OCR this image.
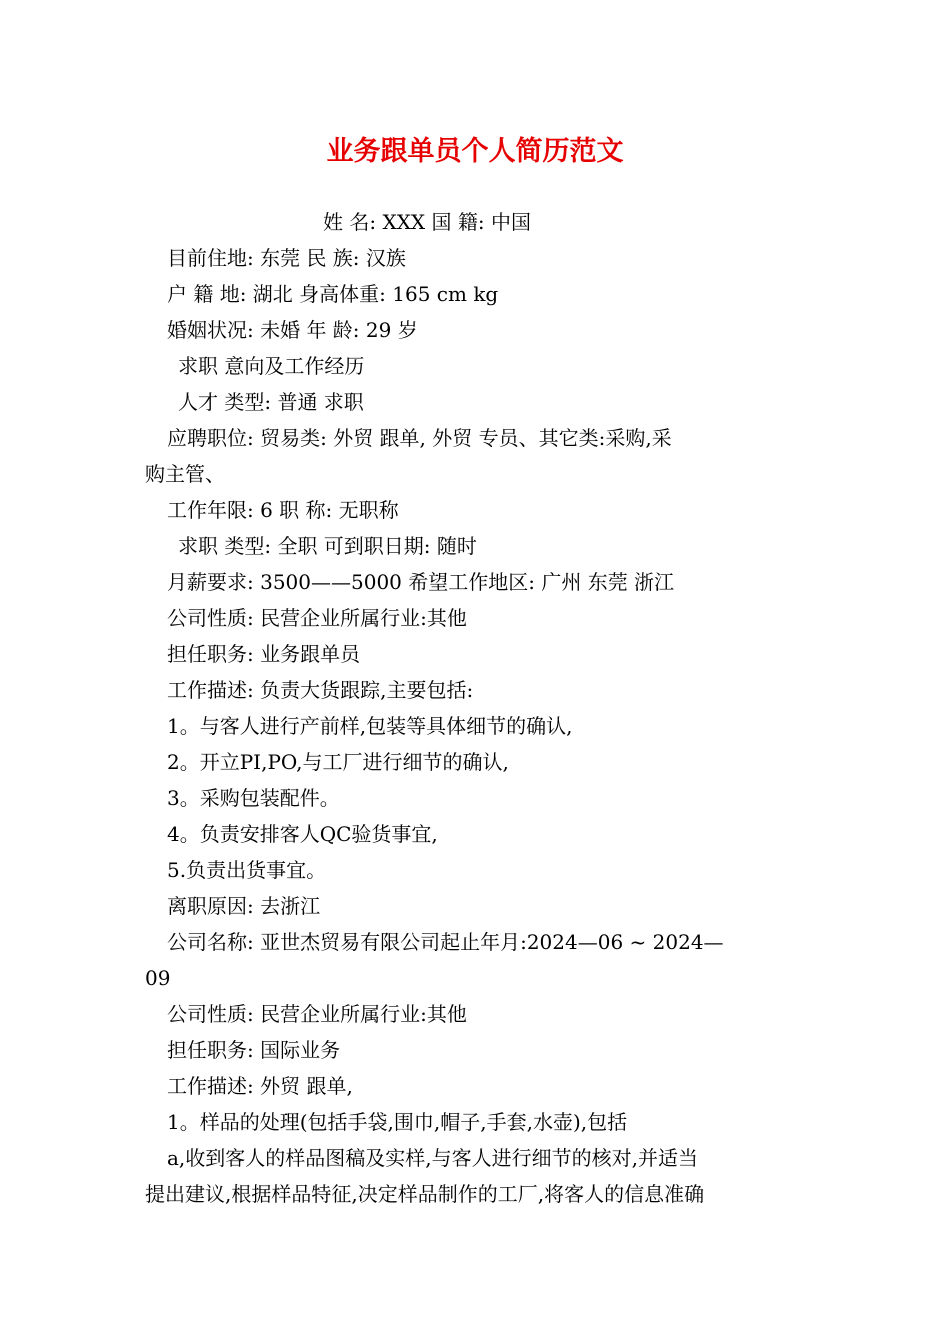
业务跟单员个人简历范文
姓 名: XXX 国 籍: 中国
目前住地: 东莞 民 族: 汉族
户 籍 地: 湖北 身高体重: 165 cm kg
婚姻状况: 未婚 年 龄: 29 岁
求职 意向及工作经历
人才 类型: 普通 求职
应聘职位: 贸易类: 外贸 跟单, 外贸 专员、其它类:采购,采
购主管、
工作年限: 6 职 称: 无职称
求职 类型: 全职 可到职日期: 随时
月薪要求: 3500——5000 希望工作地区: 广州 东莞 浙江
公司性质: 民营企业所属行业:其他
担任职务: 业务跟单员
工作描述: 负责大货跟踪,主要包括:
1。与客人进行产前样,包装等具体细节的确认,
2。开立PI,PO,与工厂进行细节的确认,
3。采购包装配件。
4。负责安排客人QC验货事宜,
5.负责出货事宜。
离职原因: 去浙江
公司名称: 亚世杰贸易有限公司起止年月:2024—06 ~ 2024—
09
公司性质: 民营企业所属行业:其他
担任职务: 国际业务
工作描述: 外贸 跟单,
1。样品的处理(包括手袋,围巾,帽子,手套,水壶),包括
a,收到客人的样品图稿及实样,与客人进行细节的核对,并适当
提出建议,根据样品特征,决定样品制作的工厂,将客人的信息准确
